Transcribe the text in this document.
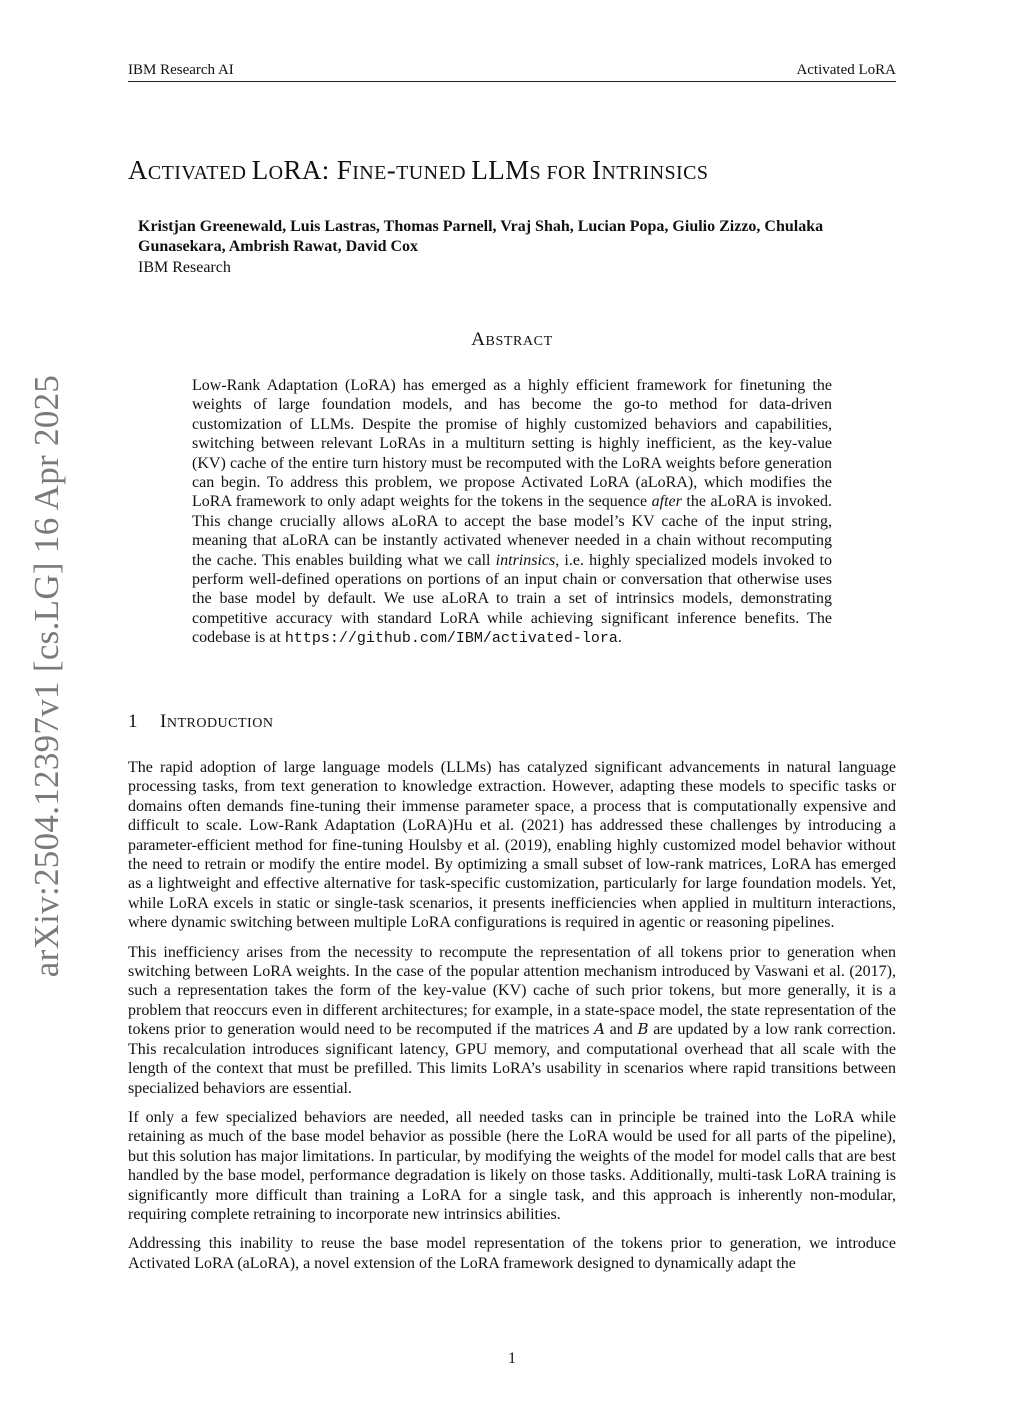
IBM Research AI	Activated LoRA
arXiv:2504.12397v1 [cs.LG] 16 Apr 2025
ACTIVATED LORA: FINE-TUNED LLMS FOR INTRINSICS
Kristjan Greenewald, Luis Lastras, Thomas Parnell, Vraj Shah, Lucian Popa, Giulio Zizzo, Chulaka Gunasekara, Ambrish Rawat, David Cox
IBM Research
ABSTRACT
Low-Rank Adaptation (LoRA) has emerged as a highly efficient framework for finetuning the weights of large foundation models, and has become the go-to method for data-driven customization of LLMs. Despite the promise of highly customized behaviors and capabilities, switching between relevant LoRAs in a multiturn setting is highly inefficient, as the key-value (KV) cache of the entire turn history must be recomputed with the LoRA weights before generation can begin. To address this problem, we propose Activated LoRA (aLoRA), which modifies the LoRA framework to only adapt weights for the tokens in the sequence after the aLoRA is invoked. This change crucially allows aLoRA to accept the base model’s KV cache of the input string, meaning that aLoRA can be instantly activated whenever needed in a chain without recomputing the cache. This enables building what we call intrinsics, i.e. highly specialized models invoked to perform well-defined operations on portions of an input chain or conversation that otherwise uses the base model by default. We use aLoRA to train a set of intrinsics models, demonstrating competitive accuracy with standard LoRA while achieving significant inference benefits. The codebase is at https://github.com/IBM/activated-lora.
1 INTRODUCTION

The rapid adoption of large language models (LLMs) has catalyzed significant advancements in natural language processing tasks, from text generation to knowledge extraction. However, adapting these models to specific tasks or domains often demands fine-tuning their immense parameter space, a process that is computationally expensive and difficult to scale. Low-Rank Adaptation (LoRA)Hu et al. (2021) has addressed these challenges by introducing a parameter-efficient method for fine-tuning Houlsby et al. (2019), enabling highly customized model behavior without the need to retrain or modify the entire model. By optimizing a small subset of low-rank matrices, LoRA has emerged as a lightweight and effective alternative for task-specific customization, particularly for large foundation models. Yet, while LoRA excels in static or single-task scenarios, it presents inefficiencies when applied in multiturn interactions, where dynamic switching between multiple LoRA configurations is required in agentic or reasoning pipelines.

This inefficiency arises from the necessity to recompute the representation of all tokens prior to generation when switching between LoRA weights. In the case of the popular attention mechanism introduced by Vaswani et al. (2017), such a representation takes the form of the key-value (KV) cache of such prior tokens, but more generally, it is a problem that reoccurs even in different architectures; for example, in a state-space model, the state representation of the tokens prior to generation would need to be recomputed if the matrices A and B are updated by a low rank correction. This recalculation introduces significant latency, GPU memory, and computational overhead that all scale with the length of the context that must be prefilled. This limits LoRA’s usability in scenarios where rapid transitions between specialized behaviors are essential.

If only a few specialized behaviors are needed, all needed tasks can in principle be trained into the LoRA while retaining as much of the base model behavior as possible (here the LoRA would be used for all parts of the pipeline), but this solution has major limitations. In particular, by modifying the weights of the model for model calls that are best handled by the base model, performance degradation is likely on those tasks. Additionally, multi-task LoRA training is significantly more difficult than training a LoRA for a single task, and this approach is inherently non-modular, requiring complete retraining to incorporate new intrinsics abilities.

Addressing this inability to reuse the base model representation of the tokens prior to generation, we introduce Activated LoRA (aLoRA), a novel extension of the LoRA framework designed to dynamically adapt the

1
